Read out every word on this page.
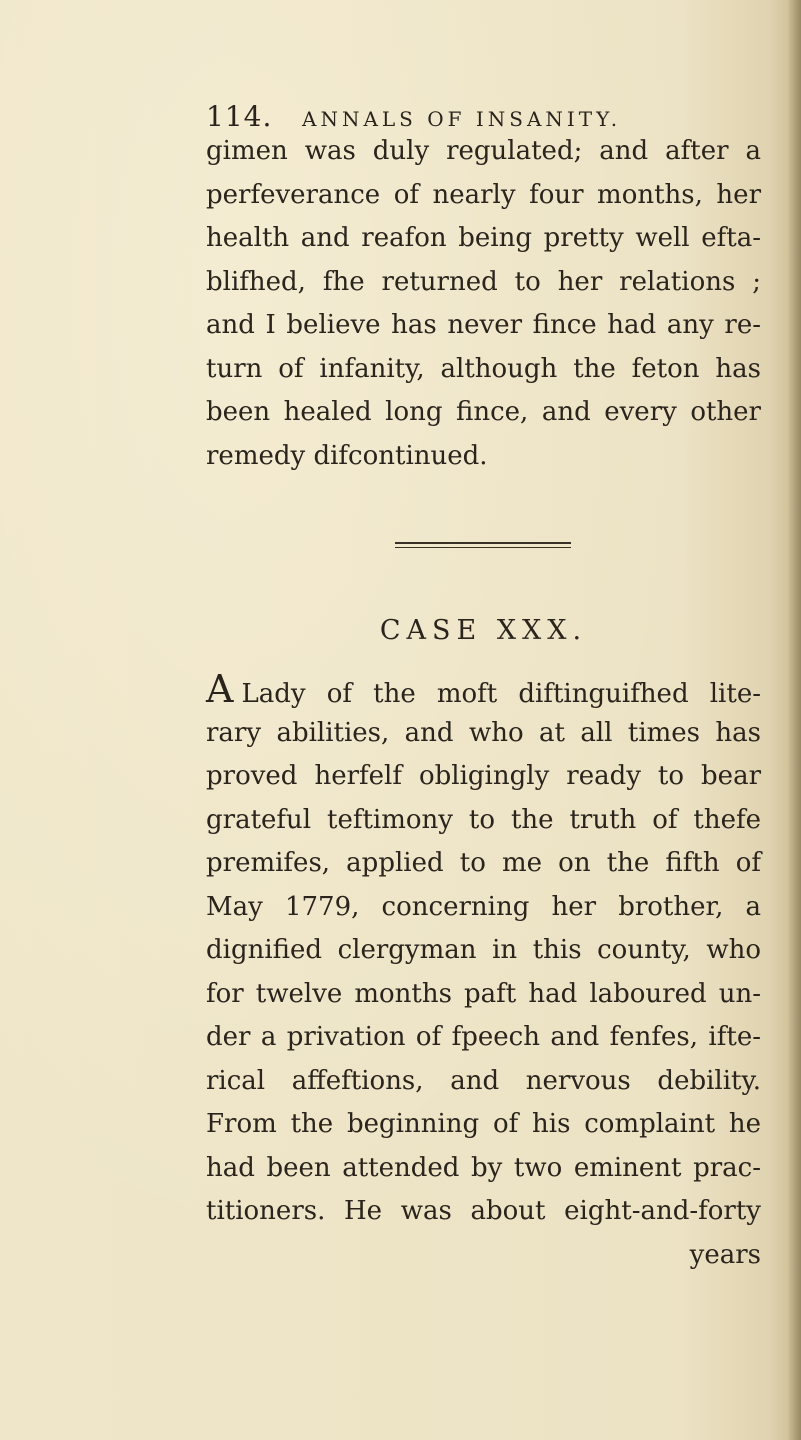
114.	ANNALS OF INSANITY.
gimen was duly regulated; and after a
perfeverance of nearly four months, her
health and reafon being pretty well efta-
blifhed, fhe returned to her relations ;
and I believe has never fince had any re-
turn of infanity, although the feton has
been healed long fince, and every other
remedy difcontinued.
CASE XXX.
A Lady of the moft diftinguifhed lite-
rary abilities, and who at all times has
proved herfelf obligingly ready to bear
grateful teftimony to the truth of thefe
premifes, applied to me on the fifth of
May 1779, concerning her brother, a
dignified clergyman in this county, who
for twelve months paft had laboured un-
der a privation of fpeech and fenfes, ifte-
rical affeftions, and nervous debility.
From the beginning of his complaint he
had been attended by two eminent prac-
titioners. He was about eight-and-forty
years
